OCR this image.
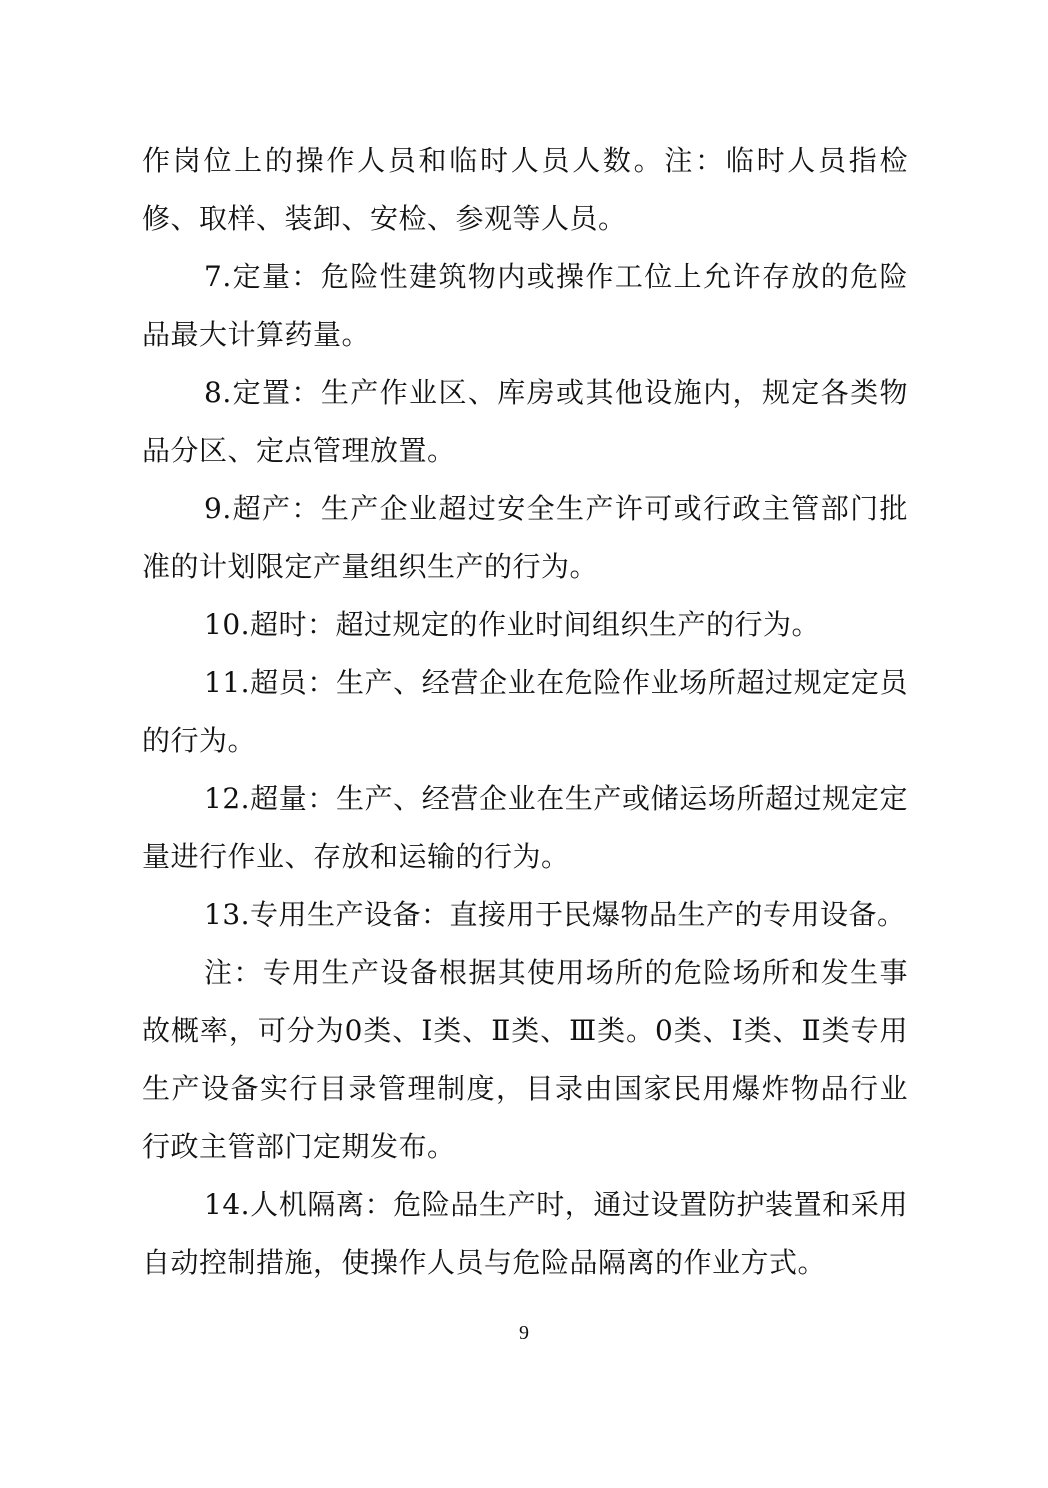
作岗位上的操作人员和临时人员人数。注：临时人员指检修、取样、装卸、安检、参观等人员。

7.定量：危险性建筑物内或操作工位上允许存放的危险品最大计算药量。

8.定置：生产作业区、库房或其他设施内，规定各类物品分区、定点管理放置。

9.超产：生产企业超过安全生产许可或行政主管部门批准的计划限定产量组织生产的行为。

10.超时：超过规定的作业时间组织生产的行为。

11.超员：生产、经营企业在危险作业场所超过规定定员的行为。

12.超量：生产、经营企业在生产或储运场所超过规定定量进行作业、存放和运输的行为。

13.专用生产设备：直接用于民爆物品生产的专用设备。

注：专用生产设备根据其使用场所的危险场所和发生事故概率，可分为0类、Ⅰ类、Ⅱ类、Ⅲ类。0类、Ⅰ类、Ⅱ类专用生产设备实行目录管理制度，目录由国家民用爆炸物品行业行政主管部门定期发布。

14.人机隔离：危险品生产时，通过设置防护装置和采用自动控制措施，使操作人员与危险品隔离的作业方式。

9
